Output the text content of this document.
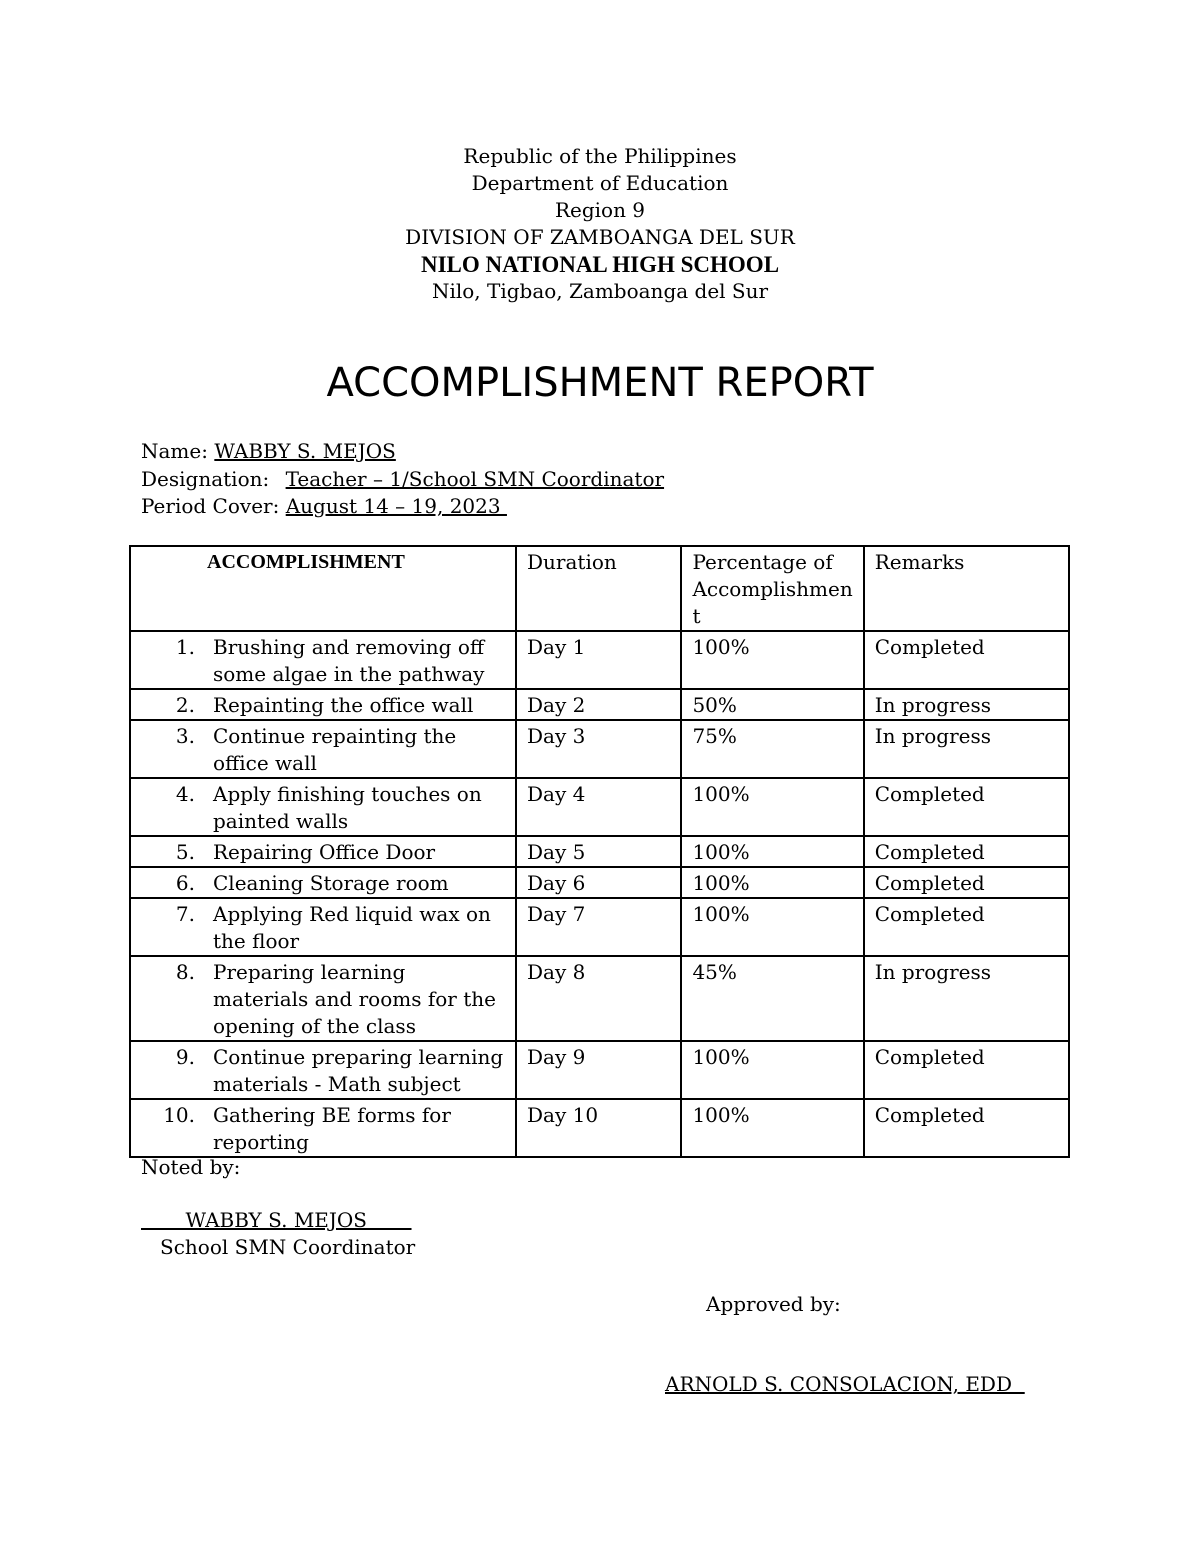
Republic of the Philippines
Department of Education
Region 9
DIVISION OF ZAMBOANGA DEL SUR
NILO NATIONAL HIGH SCHOOL
Nilo, Tigbao, Zamboanga del Sur
ACCOMPLISHMENT REPORT
Name: WABBY S. MEJOS
Designation: Teacher – 1/School SMN Coordinator
Period Cover: August 14 – 19, 2023
ACCOMPLISHMENT	Duration	Percentage of Accomplishmen t	Remarks

1. Brushing and removing off some algae in the pathway	Day 1	100%	Completed

2. Repainting the office wall	Day 2	50%	In progress

3. Continue repainting the office wall	Day 3	75%	In progress

4. Apply finishing touches on painted walls	Day 4	100%	Completed

5. Repairing Office Door	Day 5	100%	Completed

6. Cleaning Storage room	Day 6	100%	Completed

7. Applying Red liquid wax on the floor	Day 7	100%	Completed

8. Preparing learning materials and rooms for the opening of the class	Day 8	45%	In progress

9. Continue preparing learning materials - Math subject	Day 9	100%	Completed

10. Gathering BE forms for reporting	Day 10	100%	Completed
Noted by:
WABBY S. MEJOS
School SMN Coordinator
Approved by:
ARNOLD S. CONSOLACION, EDD
